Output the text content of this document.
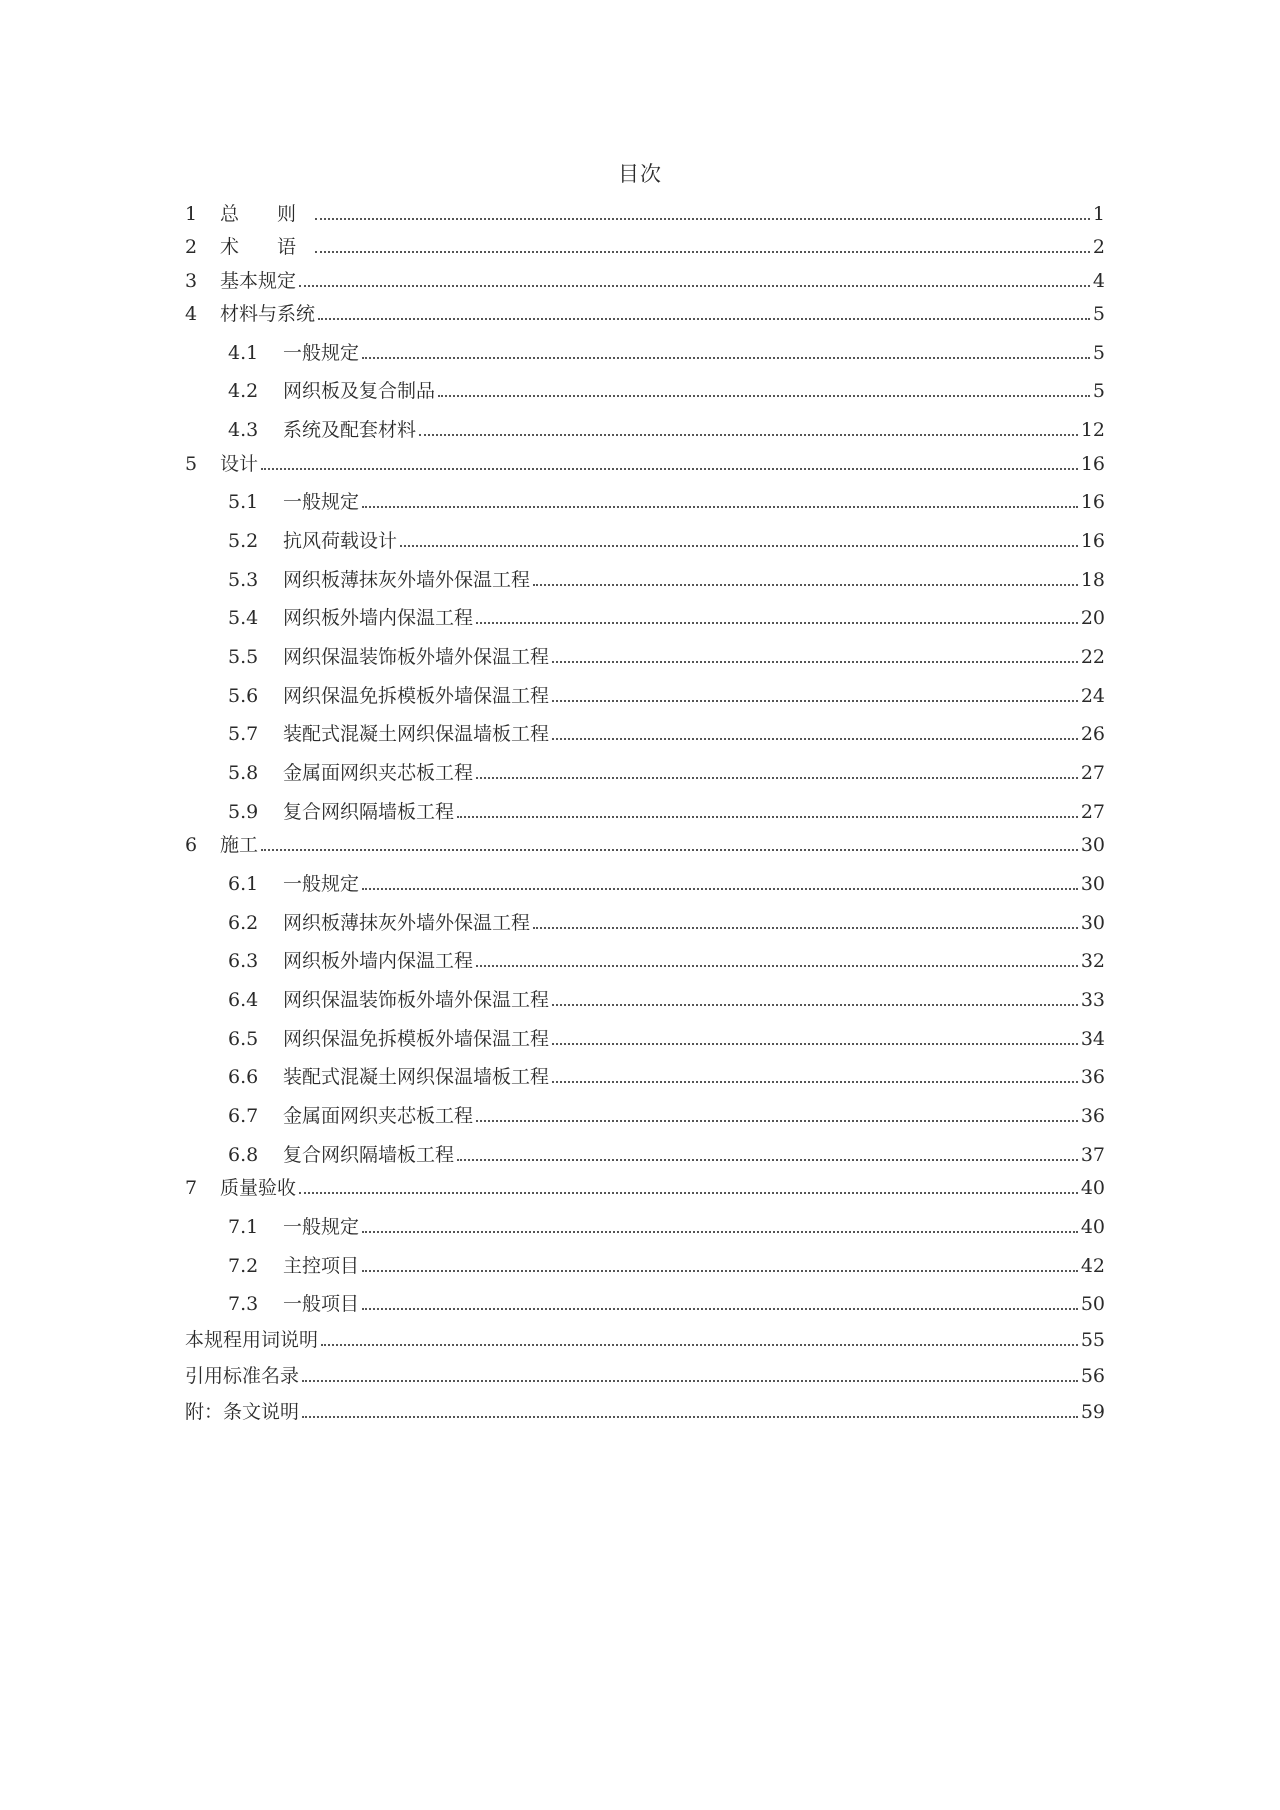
目次
1	总 则	1
2	术 语	2
3	基本规定	4
4	材料与系统	5
4.1	一般规定	5
4.2	网织板及复合制品	5
4.3	系统及配套材料	12
5	设计	16
5.1	一般规定	16
5.2	抗风荷载设计	16
5.3	网织板薄抹灰外墙外保温工程	18
5.4	网织板外墙内保温工程	20
5.5	网织保温装饰板外墙外保温工程	22
5.6	网织保温免拆模板外墙保温工程	24
5.7	装配式混凝土网织保温墙板工程	26
5.8	金属面网织夹芯板工程	27
5.9	复合网织隔墙板工程	27
6	施工	30
6.1	一般规定	30
6.2	网织板薄抹灰外墙外保温工程	30
6.3	网织板外墙内保温工程	32
6.4	网织保温装饰板外墙外保温工程	33
6.5	网织保温免拆模板外墙保温工程	34
6.6	装配式混凝土网织保温墙板工程	36
6.7	金属面网织夹芯板工程	36
6.8	复合网织隔墙板工程	37
7	质量验收	40
7.1	一般规定	40
7.2	主控项目	42
7.3	一般项目	50
本规程用词说明	55
引用标准名录	56
附：条文说明	59
